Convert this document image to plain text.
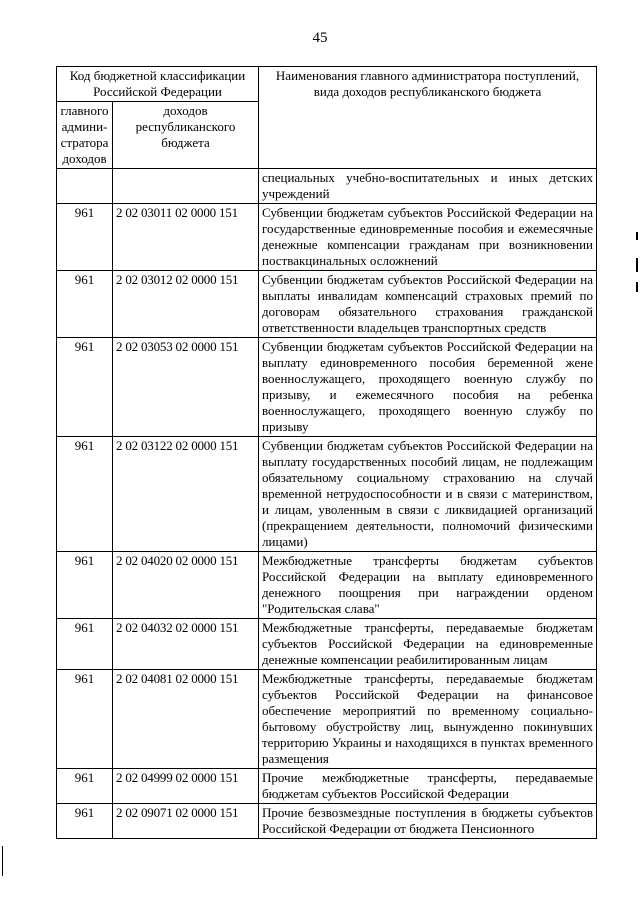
45
Код бюджетной классификации Российской Федерации		Наименования главного администратора поступлений, вида доходов республиканского бюджета
главного админи-стратора доходов	доходов республиканского бюджета	
		специальных учебно-воспитательных и иных детских учреждений
961	2 02 03011 02 0000 151	Субвенции бюджетам субъектов Российской Федерации на государственные единовременные пособия и ежемесячные денежные компенсации гражданам при возникновении поствакцинальных осложнений
961	2 02 03012 02 0000 151	Субвенции бюджетам субъектов Российской Федерации на выплаты инвалидам компенсаций страховых премий по договорам обязательного страхования гражданской ответственности владельцев транспортных средств
961	2 02 03053 02 0000 151	Субвенции бюджетам субъектов Российской Федерации на выплату единовременного пособия беременной жене военнослужащего, проходящего военную службу по призыву, и ежемесячного пособия на ребенка военнослужащего, проходящего военную службу по призыву
961	2 02 03122 02 0000 151	Субвенции бюджетам субъектов Российской Федерации на выплату государственных пособий лицам, не подлежащим обязательному социальному страхованию на случай временной нетрудоспособности и в связи с материнством, и лицам, уволенным в связи с ликвидацией организаций (прекращением деятельности, полномочий физическими лицами)
961	2 02 04020 02 0000 151	Межбюджетные трансферты бюджетам субъектов Российской Федерации на выплату единовременного денежного поощрения при награждении орденом "Родительская слава"
961	2 02 04032 02 0000 151	Межбюджетные трансферты, передаваемые бюджетам субъектов Российской Федерации на единовременные денежные компенсации реабилитированным лицам
961	2 02 04081 02 0000 151	Межбюджетные трансферты, передаваемые бюджетам субъектов Российской Федерации на финансовое обеспечение мероприятий по временному социально-бытовому обустройству лиц, вынужденно покинувших территорию Украины и находящихся в пунктах временного размещения
961	2 02 04999 02 0000 151	Прочие межбюджетные трансферты, передаваемые бюджетам субъектов Российской Федерации
961	2 02 09071 02 0000 151	Прочие безвозмездные поступления в бюджеты субъектов Российской Федерации от бюджета Пенсионного
